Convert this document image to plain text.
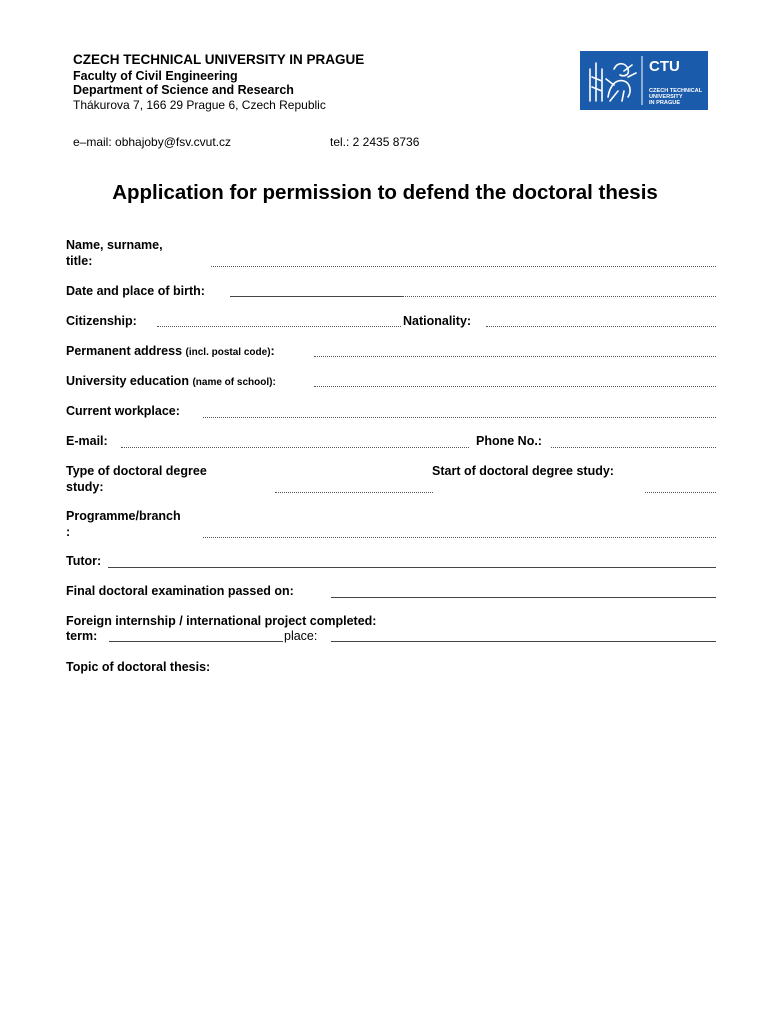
CZECH TECHNICAL UNIVERSITY IN PRAGUE
Faculty of Civil Engineering
Department of Science and Research
Thákurova 7, 166 29 Prague 6, Czech Republic
e–mail: obhajoby@fsv.cvut.cz	tel.: 2 2435 8736
CTU
CZECH TECHNICAL
UNIVERSITY
IN PRAGUE
Application for permission to defend the doctoral thesis
Name, surname,
title:
Date and place of birth:
Citizenship:	Nationality:
Permanent address (incl. postal code):
University education (name of school):
Current workplace:
E-mail:	Phone No.:
Type of doctoral degree
study:
Start of doctoral degree study:
Programme/branch
:
Tutor:
Final doctoral examination passed on:
Foreign internship / international project completed:
term:	place:
Topic of doctoral thesis:
